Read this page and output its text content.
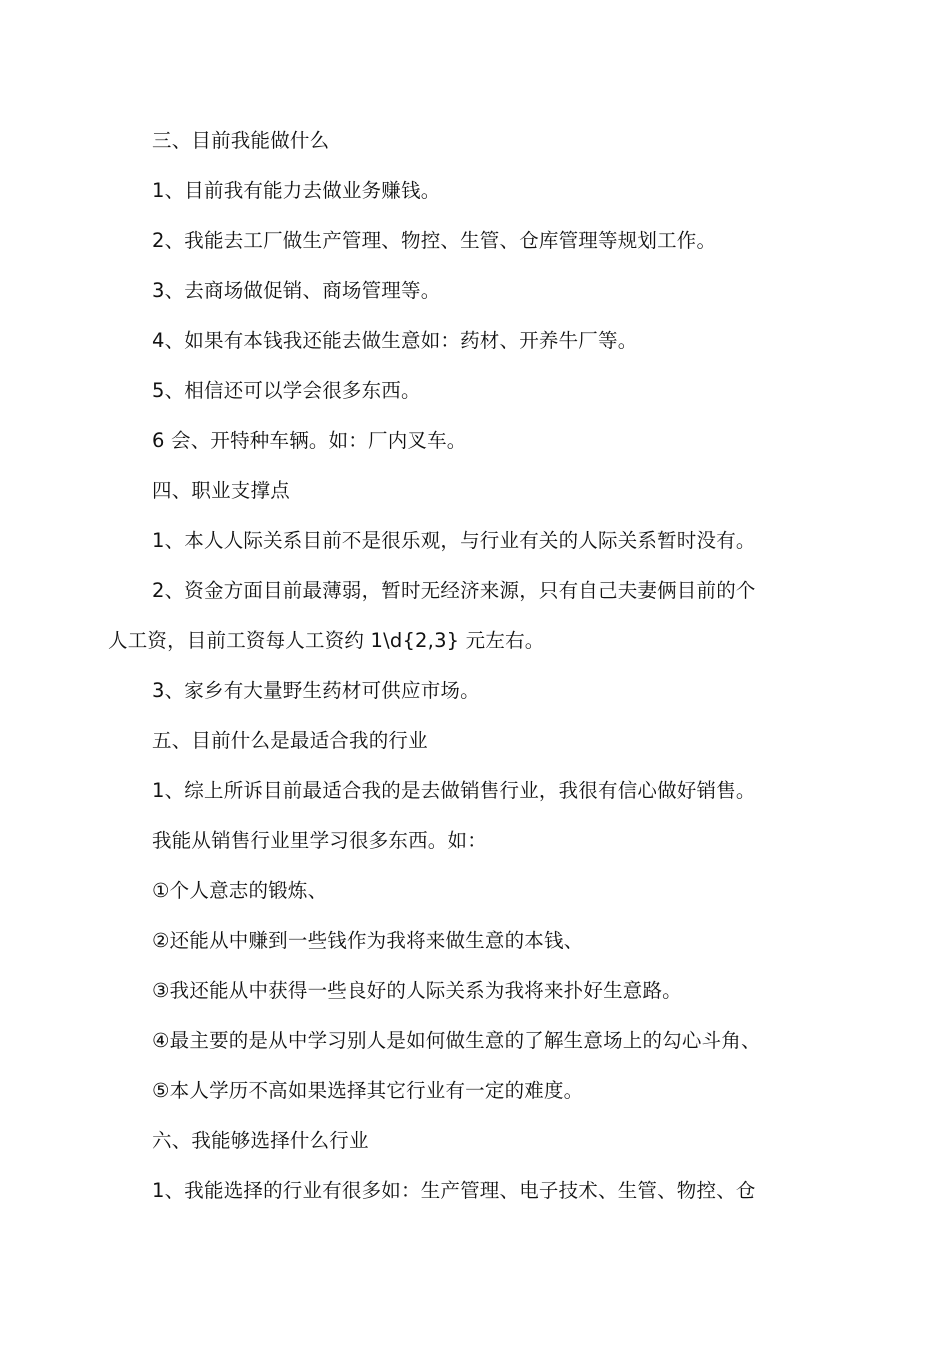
三、目前我能做什么
1、目前我有能力去做业务赚钱。
2、我能去工厂做生产管理、物控、生管、仓库管理等规划工作。
3、去商场做促销、商场管理等。
4、如果有本钱我还能去做生意如：药材、开养牛厂等。
5、相信还可以学会很多东西。
6 会、开特种车辆。如：厂内叉车。
四、职业支撑点
1、本人人际关系目前不是很乐观，与行业有关的人际关系暂时没有。
2、资金方面目前最薄弱，暂时无经济来源，只有自己夫妻俩目前的个
人工资，目前工资每人工资约 1\d{2,3} 元左右。
3、家乡有大量野生药材可供应市场。
五、目前什么是最适合我的行业
1、综上所诉目前最适合我的是去做销售行业，我很有信心做好销售。
我能从销售行业里学习很多东西。如：
①个人意志的锻炼、
②还能从中赚到一些钱作为我将来做生意的本钱、
③我还能从中获得一些良好的人际关系为我将来扑好生意路。
④最主要的是从中学习别人是如何做生意的了解生意场上的勾心斗角、
⑤本人学历不高如果选择其它行业有一定的难度。
六、我能够选择什么行业
1、我能选择的行业有很多如：生产管理、电子技术、生管、物控、仓
